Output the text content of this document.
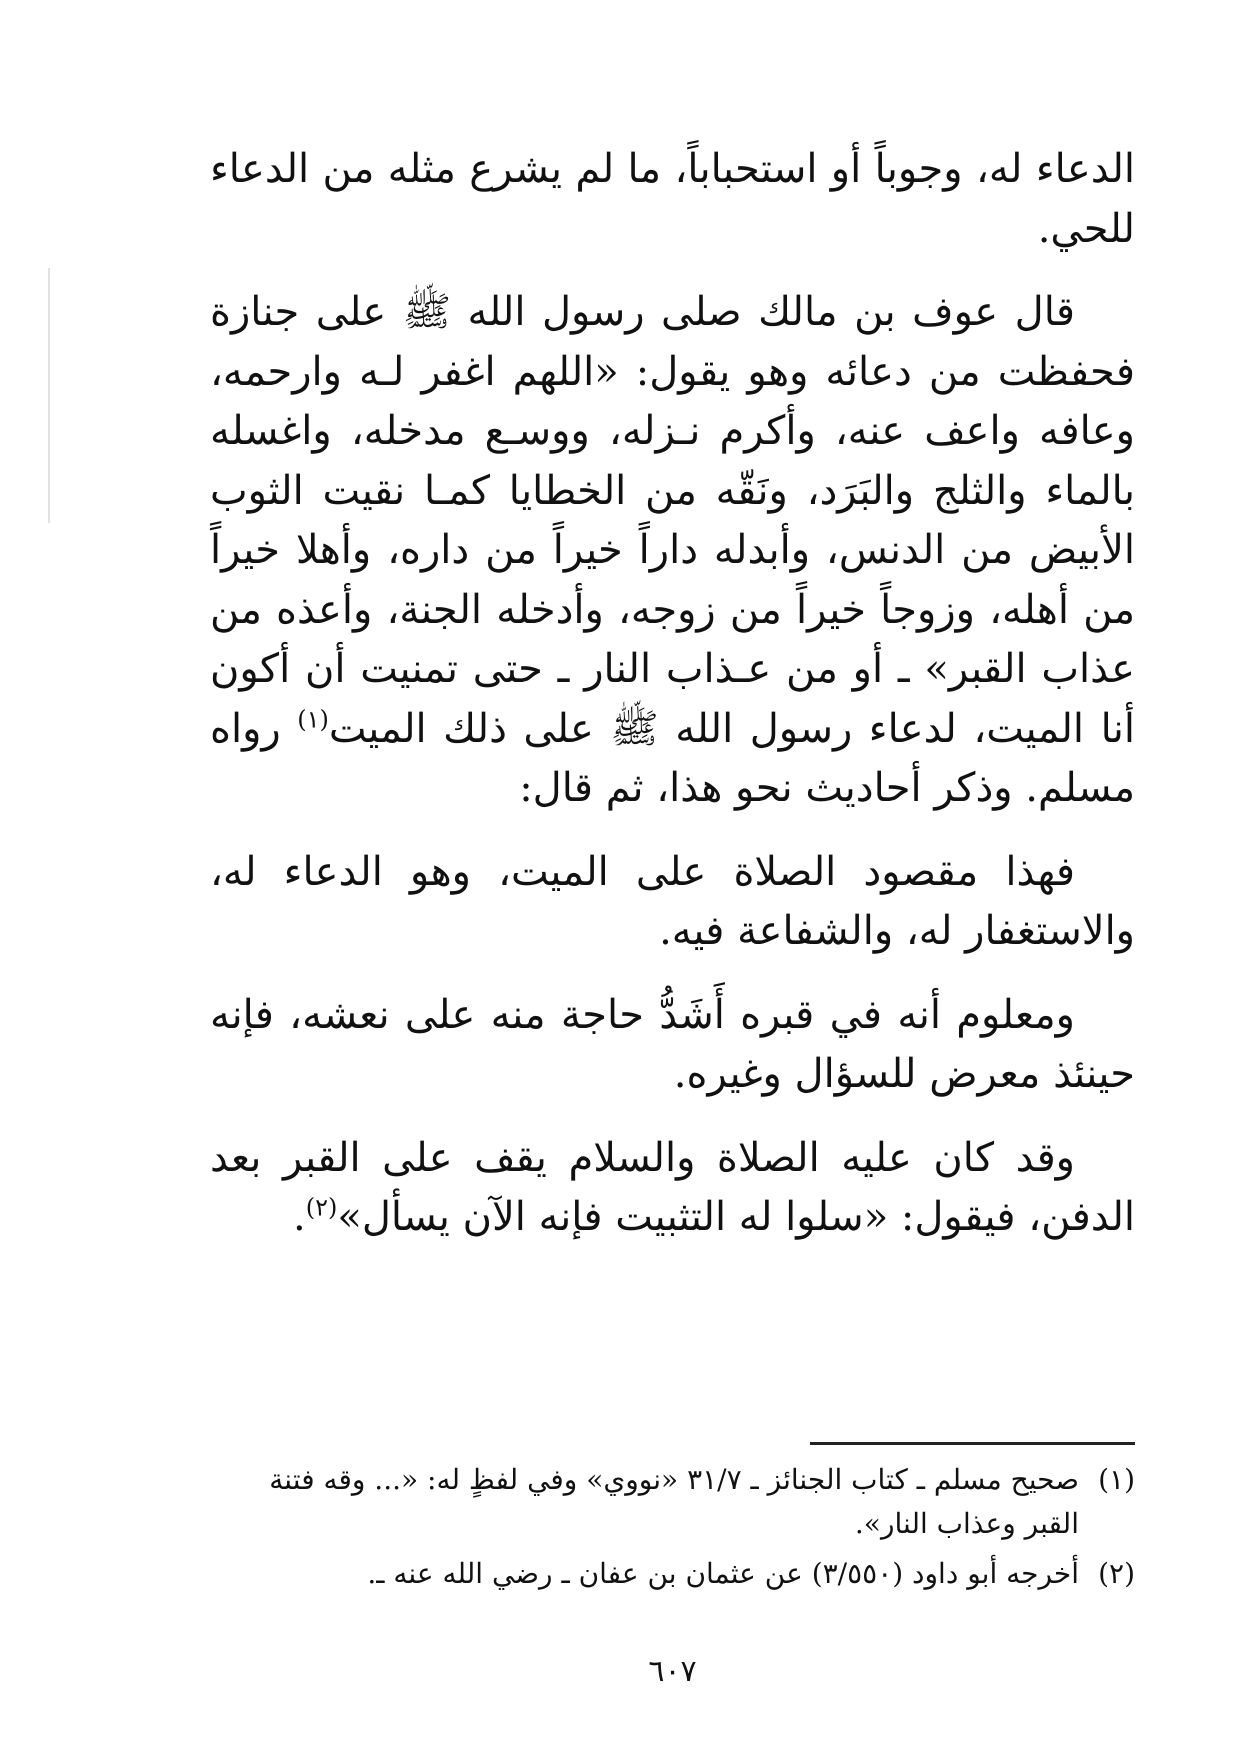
الدعاء له، وجوباً أو استحباباً، ما لم يشرع مثله من الدعاء للحي.

قال عوف بن مالك صلى رسول الله ﷺ على جنازة فحفظت من دعائه وهو يقول: «اللهم اغفر لـه وارحمه، وعافه واعف عنه، وأكرم نـزله، ووسـع مدخله، واغسله بالماء والثلج والبَرَد، ونَقّه من الخطايا كمـا نقيت الثوب الأبيض من الدنس، وأبدله داراً خيراً من داره، وأهلا خيراً من أهله، وزوجاً خيراً من زوجه، وأدخله الجنة، وأعذه من عذاب القبر» ـ أو من عـذاب النار ـ حتى تمنيت أن أكون أنا الميت، لدعاء رسول الله ﷺ على ذلك الميت$^{(١)}$ رواه مسلم. وذكر أحاديث نحو هذا، ثم قال:

فهذا مقصود الصلاة على الميت، وهو الدعاء له، والاستغفار له، والشفاعة فيه.

ومعلوم أنه في قبره أَشَدُّ حاجة منه على نعشه، فإنه حينئذ معرض للسؤال وغيره.

وقد كان عليه الصلاة والسلام يقف على القبر بعد الدفن، فيقول: «سلوا له التثبيت فإنه الآن يسأل»$^{(٢)}$.

(١)صحيح مسلم ـ كتاب الجنائز ـ ٣١/٧ «نووي» وفي لفظٍ له: «... وقه فتنة القبر وعذاب النار».

(٢)أخرجه أبو داود (٣/٥٥٠) عن عثمان بن عفان ـ رضي الله عنه ـ.

٦٠٧
